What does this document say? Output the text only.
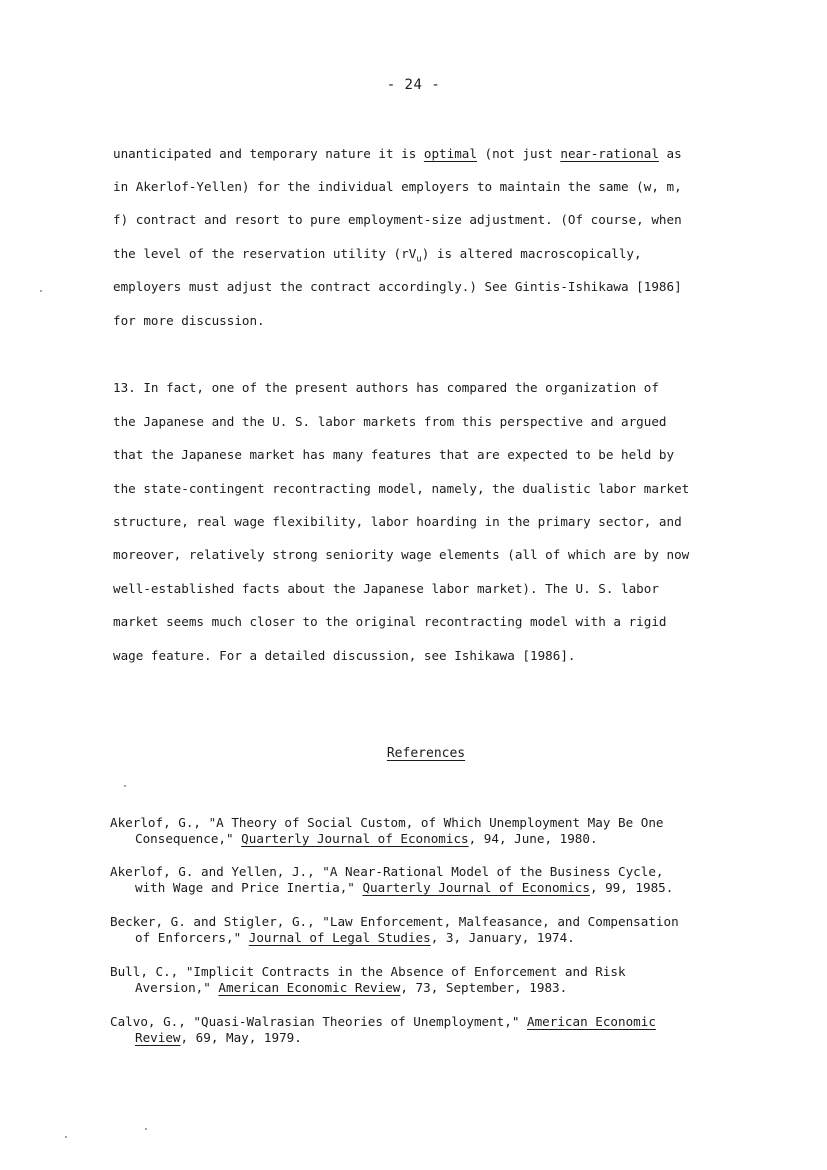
- 24 -
unanticipated and temporary nature it is optimal (not just near-rational as
in Akerlof-Yellen) for the individual employers to maintain the same (w, m,
f) contract and resort to pure employment-size adjustment. (Of course, when
the level of the reservation utility $(rV_u)$ is altered macroscopically,
employers must adjust the contract accordingly.) See Gintis-Ishikawa [1986]
for more discussion.
13. In fact, one of the present authors has compared the organization of
the Japanese and the U. S. labor markets from this perspective and argued
that the Japanese market has many features that are expected to be held by
the state-contingent recontracting model, namely, the dualistic labor market
structure, real wage flexibility, labor hoarding in the primary sector, and
moreover, relatively strong seniority wage elements (all of which are by now
well-established facts about the Japanese labor market). The U. S. labor
market seems much closer to the original recontracting model with a rigid
wage feature. For a detailed discussion, see Ishikawa [1986].
References
Akerlof, G., "A Theory of Social Custom, of Which Unemployment May Be One
Consequence," Quarterly Journal of Economics, 94, June, 1980.
Akerlof, G. and Yellen, J., "A Near-Rational Model of the Business Cycle,
with Wage and Price Inertia," Quarterly Journal of Economics, 99, 1985.
Becker, G. and Stigler, G., "Law Enforcement, Malfeasance, and Compensation
of Enforcers," Journal of Legal Studies, 3, January, 1974.
Bull, C., "Implicit Contracts in the Absence of Enforcement and Risk
Aversion," American Economic Review, 73, September, 1983.
Calvo, G., "Quasi-Walrasian Theories of Unemployment," American Economic
Review, 69, May, 1979.
